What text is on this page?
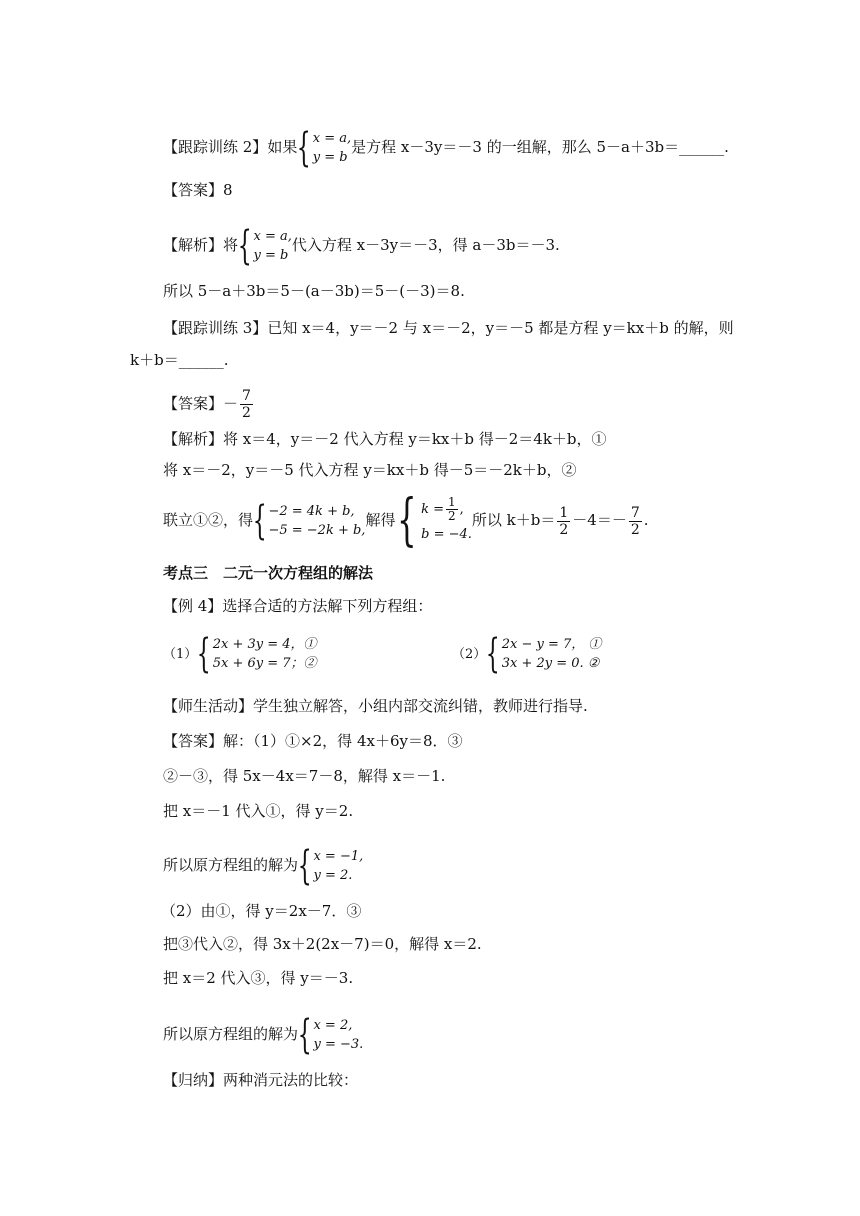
【跟踪训练 2】如果 { x = a,
y = b
是方程 x－3y＝－3 的一组解，那么 5－a＋3b＝______.
【答案】8
【解析】将 { x = a,
y = b
代入方程 x－3y＝－3，得 a－3b＝－3.
所以 5－a＋3b＝5－(a－3b)＝5－(－3)＝8.
【跟踪训练 3】已知 x＝4，y＝－2 与 x＝－2，y＝－5 都是方程 y＝kx＋b 的解，则
k＋b＝______.
【答案】－ $\frac{7}{2}$
【解析】将 x＝4，y＝－2 代入方程 y＝kx＋b 得－2＝4k＋b，①
将 x＝－2，y＝－5 代入方程 y＝kx＋b 得－5＝－2k＋b，②
联立①②，得 { −2 = 4k + b,
−5 = −2k + b,
解得 { $k = \frac{1}{2}$ ,
b = −4.
所以 $k+b= \frac{1}{2} -4=- \frac{7}{2}$ .
考点三　二元一次方程组的解法
【例 4】选择合适的方法解下列方程组：
（1） { 2x + 3y = 4，①
5x + 6y = 7；②
（2） { 2x − y = 7， ①
3x + 2y = 0. ②
【师生活动】学生独立解答，小组内部交流纠错，教师进行指导.
【答案】解：（1）①×2，得 4x＋6y＝8．③
②－③，得 5x－4x＝7－8，解得 x＝－1.
把 x＝－1 代入①，得 y＝2.
所以原方程组的解为 { x = −1,
y = 2.
（2）由①，得 y＝2x－7．③
把③代入②，得 3x＋2(2x－7)＝0，解得 x＝2.
把 x＝2 代入③，得 y＝－3.
所以原方程组的解为 { x = 2,
y = −3.
【归纳】两种消元法的比较：
